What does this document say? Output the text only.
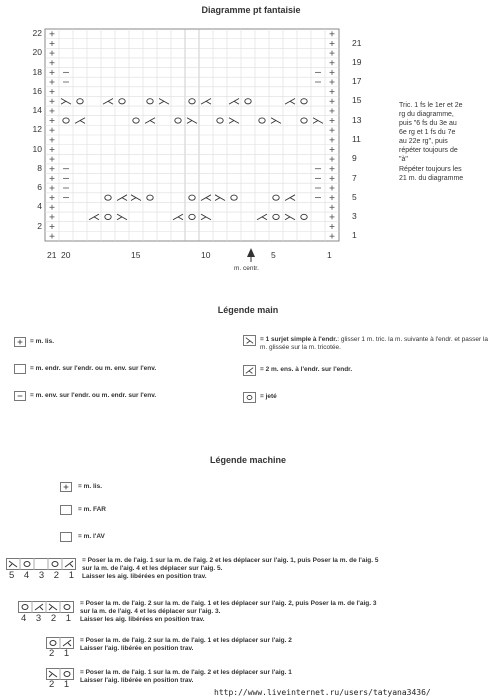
Diagramme pt fantaisie
22
20
18
16
14
12
10
8
6
4
2
21
19
17
15
13
11
9
7
5
3
1
21 20	15	10	5	1
m. centr.
Tric. 1 fs le 1er et 2e
rg du diagramme,
puis "6 fs du 3e au
6e rg et 1 fs du 7e
au 22e rg", puis
répéter toujours de
"à"
Répéter toujours les
21 m. du diagramme
Légende main
= m. lis.
= m. endr. sur l'endr. ou m. env. sur l'env.
= m. env. sur l'endr. ou m. endr. sur l'env.
= 1 surjet simple à l'endr.: glisser 1 m. tric. la m. suivante à l'endr. et passer la m. glissée sur la m. tricotée.
= 2 m. ens. à l'endr. sur l'endr.
= jeté
Légende machine
= m. lis.
= m. FAR
= m. l'AV
5 4 3 2 1
= Poser la m. de l'aig. 1 sur la m. de l'aig. 2 et les déplacer sur l'aig. 1, puis Poser la m. de l'aig. 5
sur la m. de l'aig. 4 et les déplacer sur l'aig. 5.
Laisser les aig. libérées en position trav.
4 3 2 1
= Poser la m. de l'aig. 2 sur la m. de l'aig. 1 et les déplacer sur l'aig. 2, puis Poser la m. de l'aig. 3
sur la m. de l'aig. 4 et les déplacer sur l'aig. 3.
Laisser les aig. libérées en position trav.
2 1
= Poser la m. de l'aig. 2 sur la m. de l'aig. 1 et les déplacer sur l'aig. 2
Laisser l'aig. libérée en position trav.
2 1
= Poser la m. de l'aig. 1 sur la m. de l'aig. 2 et les déplacer sur l'aig. 1
Laisser l'aig. libérée en position trav.
http://www.liveinternet.ru/users/tatyana3436/
